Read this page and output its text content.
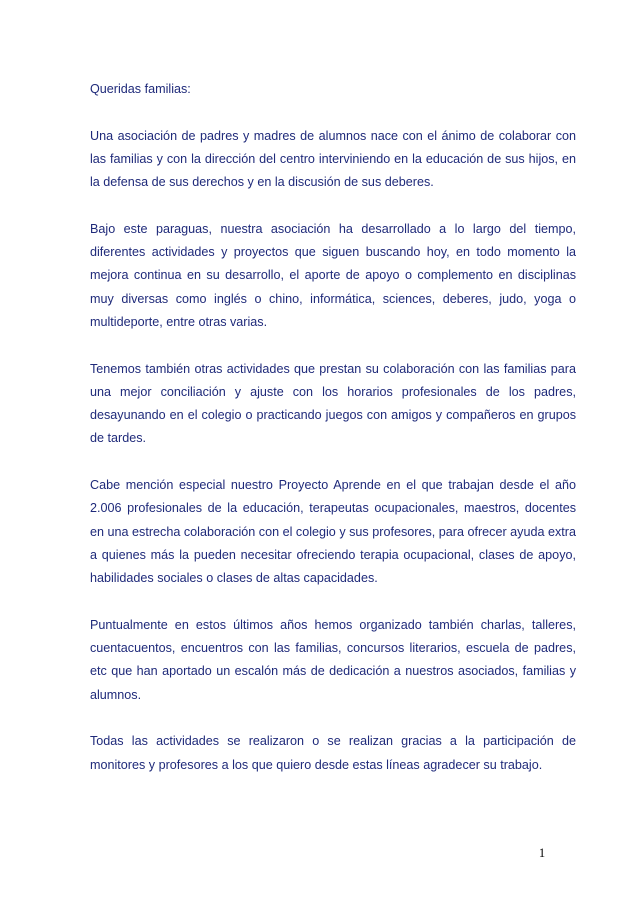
Queridas familias:

Una asociación de padres y madres de alumnos nace con el ánimo de colaborar con las familias y con la dirección del centro interviniendo en la educación de sus hijos, en la defensa de sus derechos y en la discusión de sus deberes.

Bajo este paraguas, nuestra asociación ha desarrollado a lo largo del tiempo, diferentes actividades y proyectos que siguen buscando hoy, en todo momento la mejora continua en su desarrollo, el aporte de apoyo o complemento en disciplinas muy diversas como inglés o chino, informática, sciences, deberes, judo, yoga o multideporte, entre otras varias.

Tenemos también otras actividades que prestan su colaboración con las familias para una mejor conciliación y ajuste con los horarios profesionales de los padres, desayunando en el colegio o practicando juegos con amigos y compañeros en grupos de tardes.

Cabe mención especial nuestro Proyecto Aprende en el que trabajan desde el año 2.006 profesionales de la educación, terapeutas ocupacionales, maestros, docentes en una estrecha colaboración con el colegio y sus profesores, para ofrecer ayuda extra a quienes más la pueden necesitar ofreciendo terapia ocupacional, clases de apoyo, habilidades sociales o clases de altas capacidades.

Puntualmente en estos últimos años hemos organizado también charlas, talleres, cuentacuentos, encuentros con las familias, concursos literarios, escuela de padres, etc que han aportado un escalón más de dedicación a nuestros asociados, familias y alumnos.

Todas las actividades se realizaron o se realizan gracias a la participación de monitores y profesores a los que quiero desde estas líneas agradecer su trabajo.

1
